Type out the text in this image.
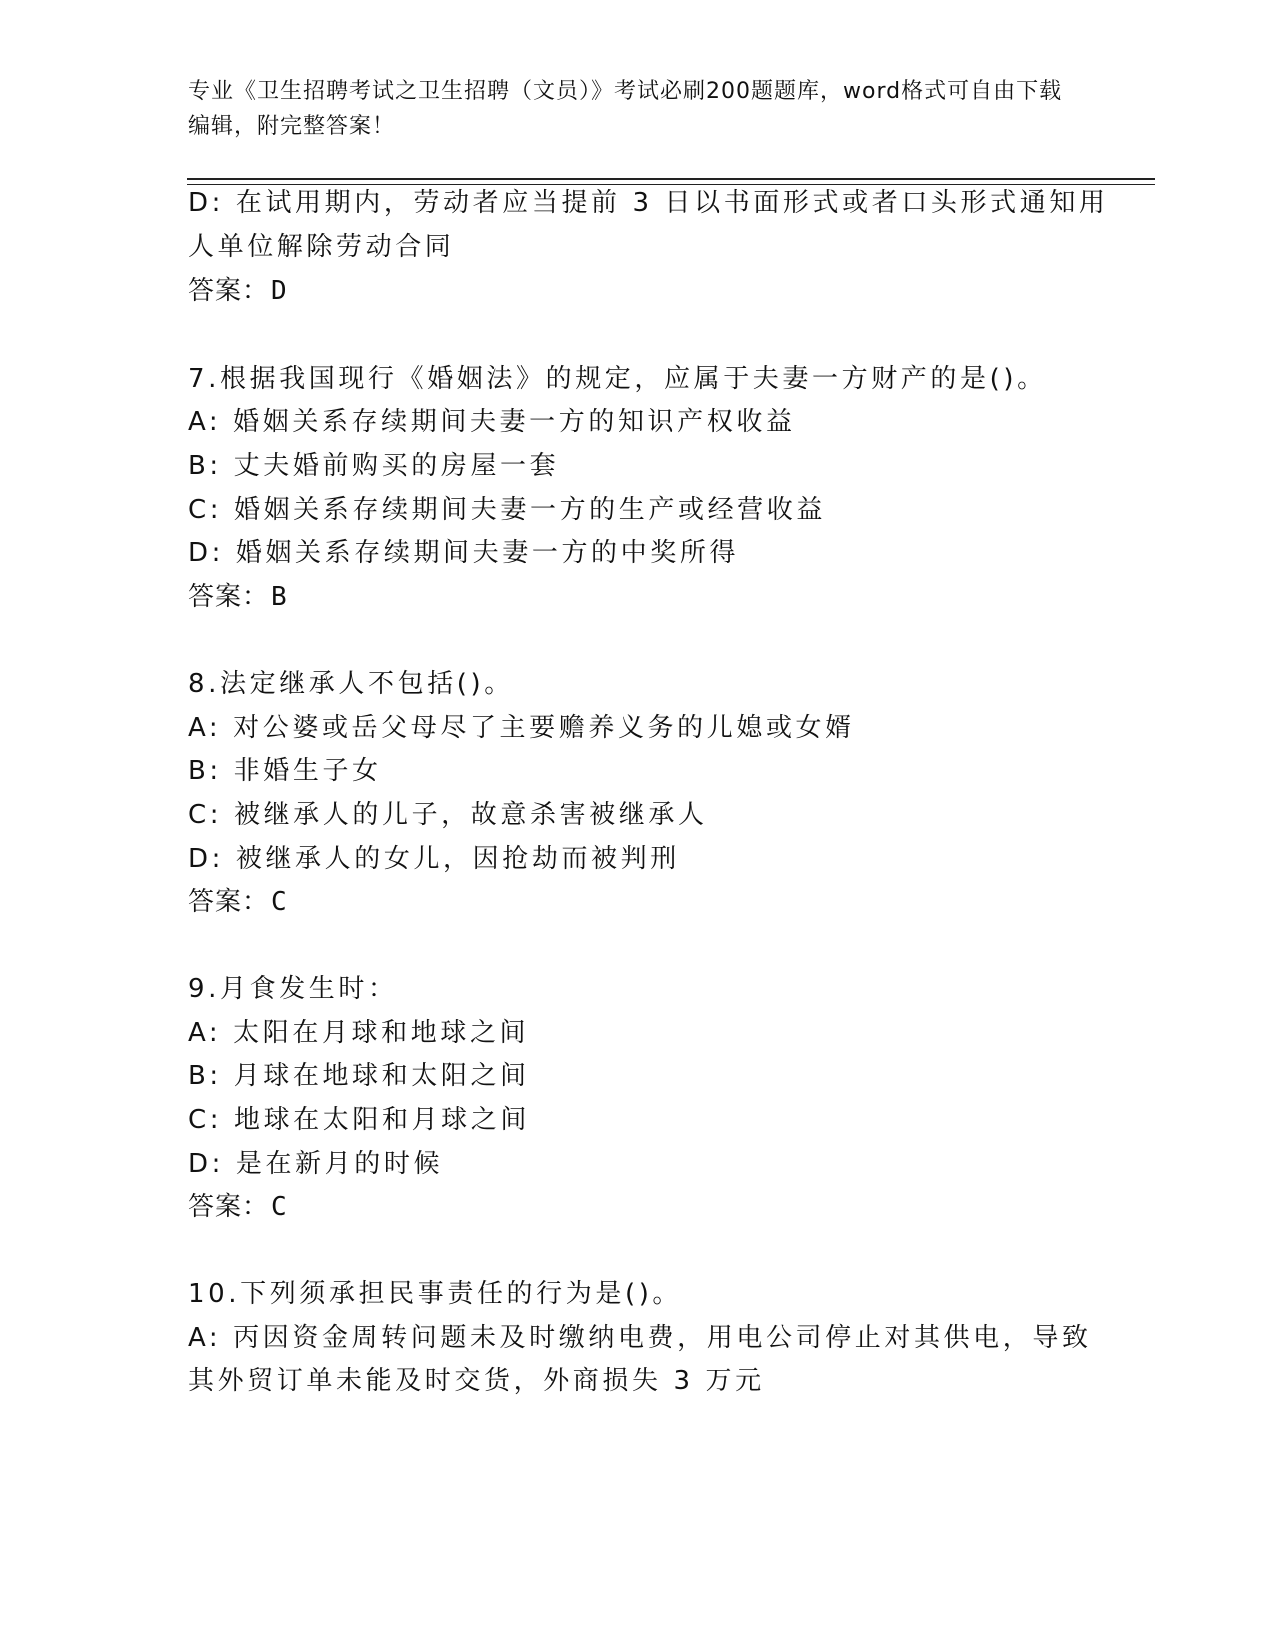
专业《卫生招聘考试之卫生招聘（文员）》考试必刷200题题库，word格式可自由下载编辑，附完整答案！
D: 在试用期内，劳动者应当提前 3 日以书面形式或者口头形式通知用
人单位解除劳动合同
答案：D
7.根据我国现行《婚姻法》的规定，应属于夫妻一方财产的是()。
A: 婚姻关系存续期间夫妻一方的知识产权收益
B: 丈夫婚前购买的房屋一套
C: 婚姻关系存续期间夫妻一方的生产或经营收益
D: 婚姻关系存续期间夫妻一方的中奖所得
答案：B
8.法定继承人不包括()。
A: 对公婆或岳父母尽了主要赡养义务的儿媳或女婿
B: 非婚生子女
C: 被继承人的儿子，故意杀害被继承人
D: 被继承人的女儿，因抢劫而被判刑
答案：C
9.月食发生时：
A: 太阳在月球和地球之间
B: 月球在地球和太阳之间
C: 地球在太阳和月球之间
D: 是在新月的时候
答案：C
10.下列须承担民事责任的行为是()。
A: 丙因资金周转问题未及时缴纳电费，用电公司停止对其供电，导致
其外贸订单未能及时交货，外商损失 3 万元
